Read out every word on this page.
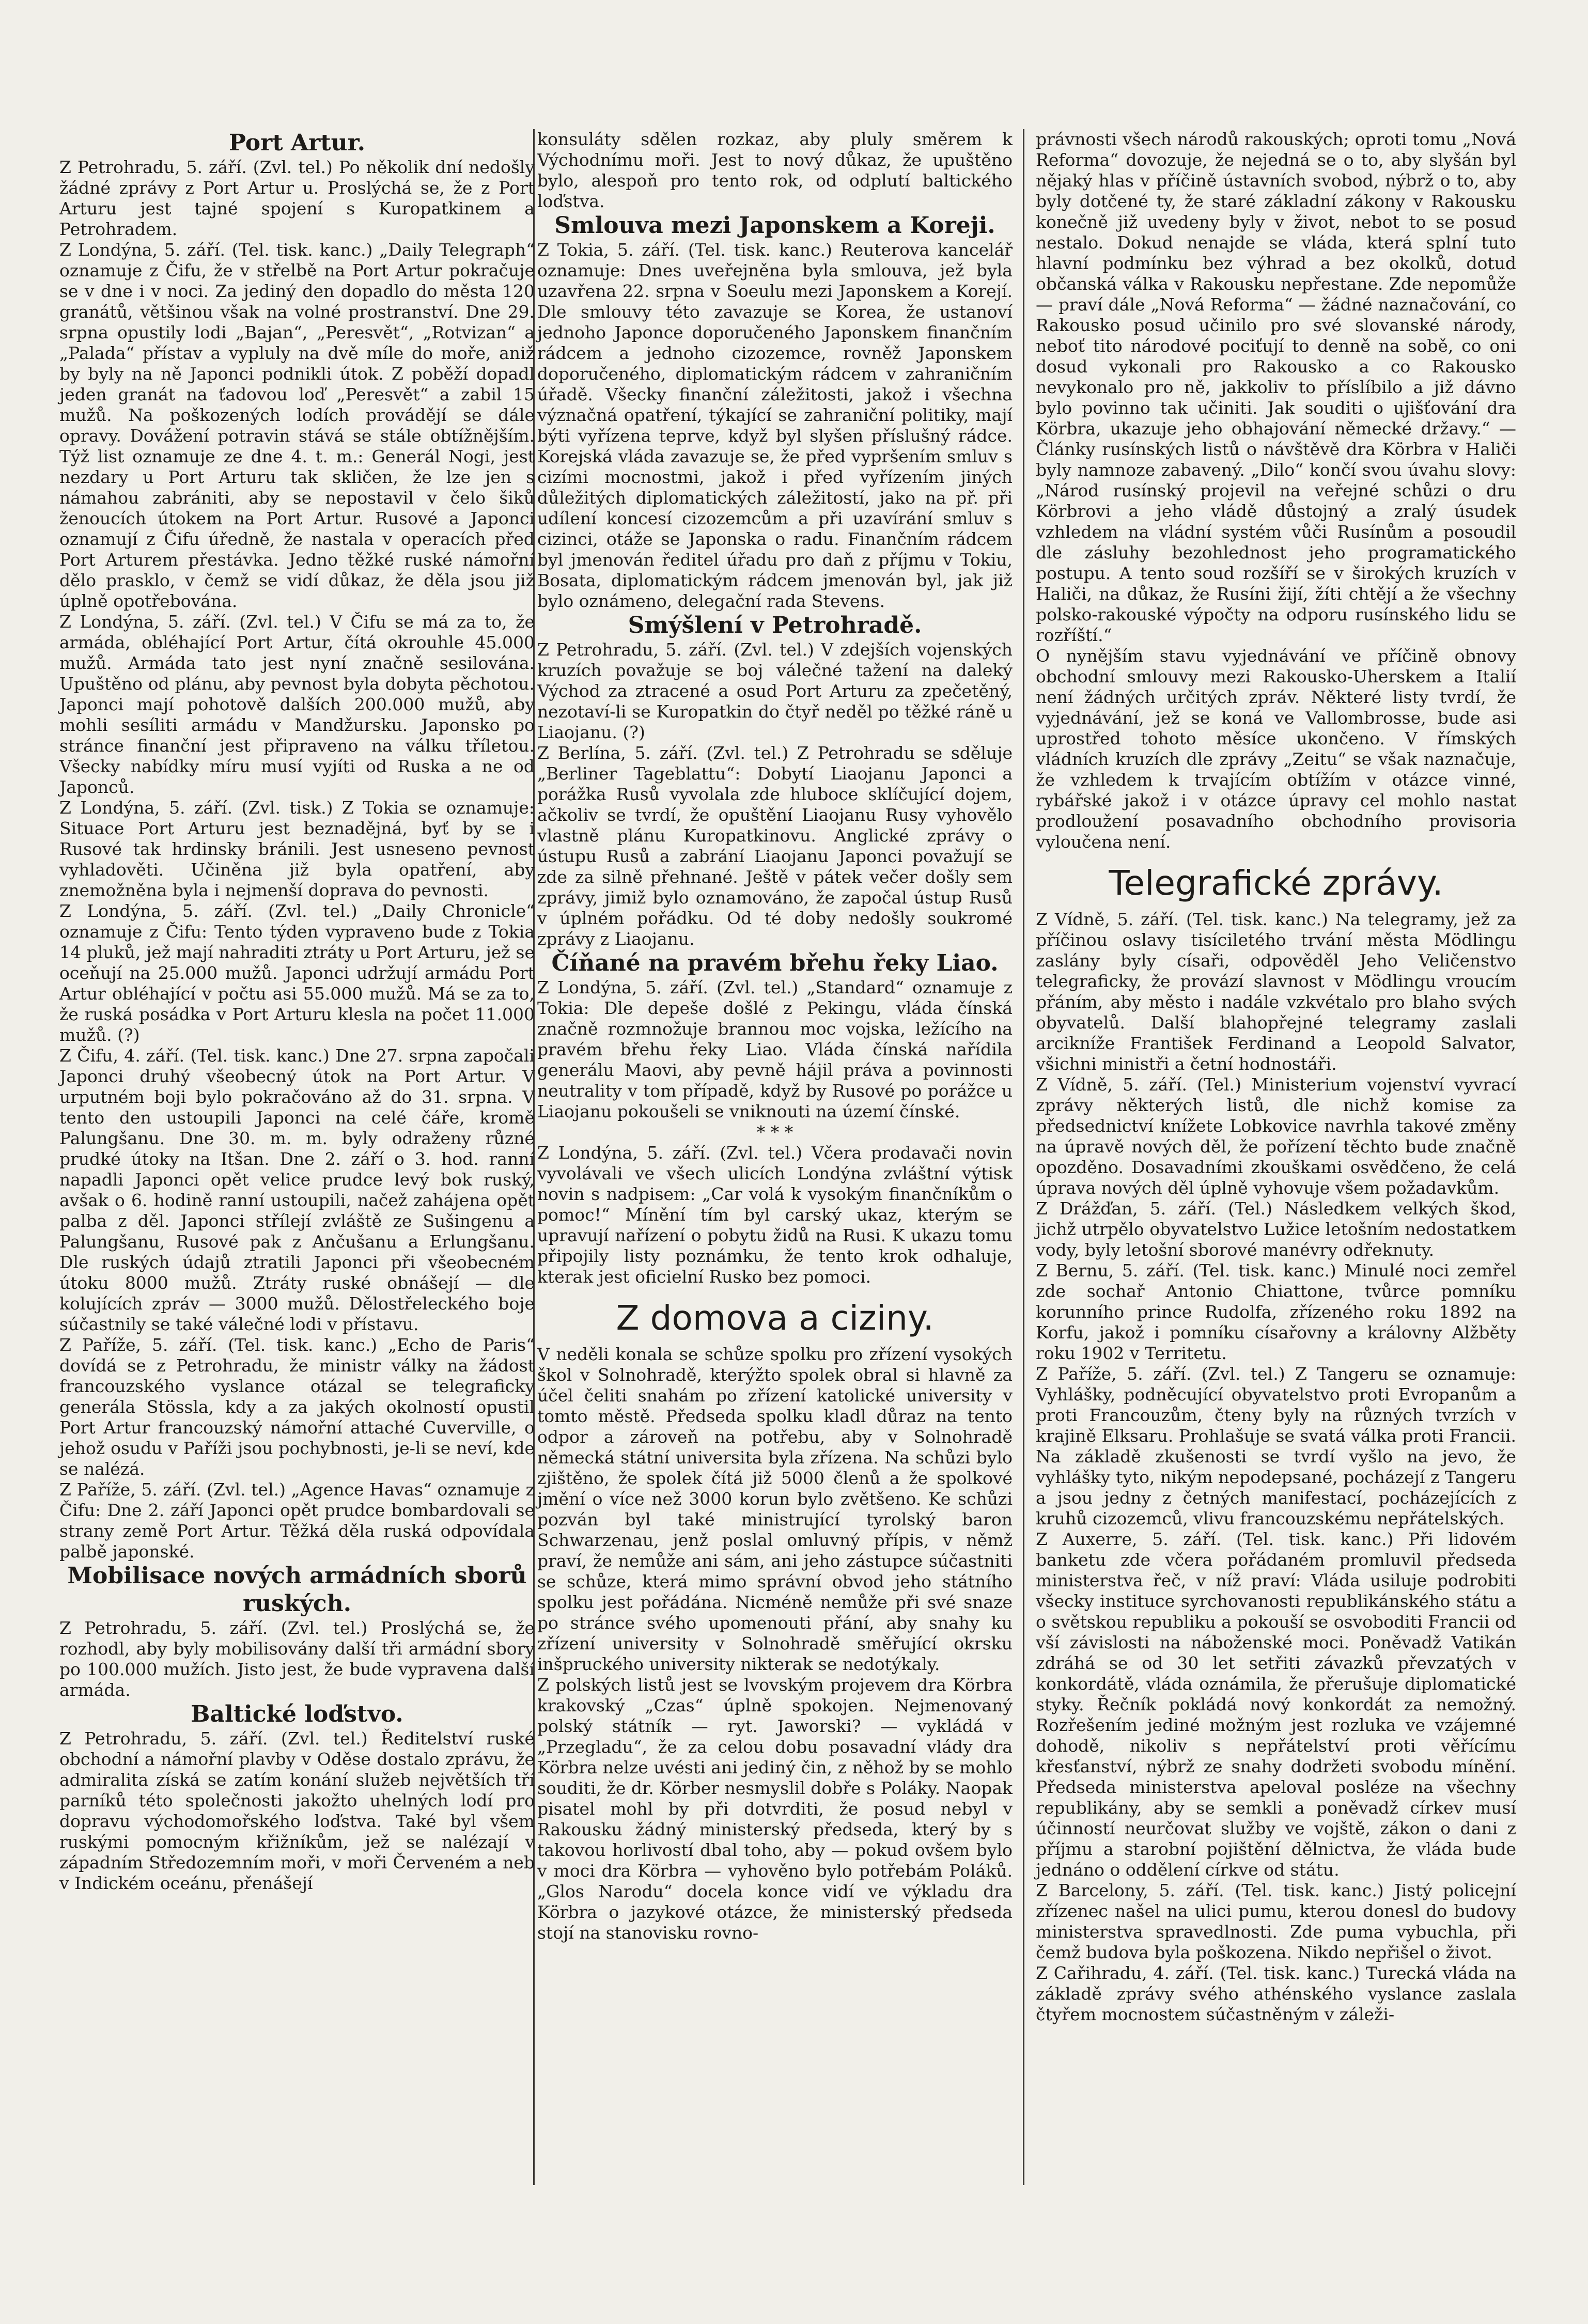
Port Artur.

Z Petrohradu, 5. září. (Zvl. tel.) Po několik dní nedošly žádné zprávy z Port Artur u. Proslýchá se, že z Port Arturu jest tajné spojení s Kuropatkinem a Petrohradem.

Z Londýna, 5. září. (Tel. tisk. kanc.) „Daily Telegraph“ oznamuje z Čifu, že v střelbě na Port Artur pokračuje se v dne i v noci. Za jediný den dopadlo do města 120 granátů, většinou však na volné prostranství. Dne 29. srpna opustily lodi „Bajan“, „Peresvět“, „Rotvizan“ a „Palada“ přístav a vypluly na dvě míle do moře, aniž by byly na ně Japonci podnikli útok. Z poběží dopadl jeden granát na ťadovou loď „Peresvět“ a zabil 15 mužů. Na poškozených lodích provádějí se dále opravy. Dovážení potravin stává se stále obtížnějším. Týž list oznamuje ze dne 4. t. m.: Generál Nogi, jest nezdary u Port Arturu tak skličen, že lze jen s námahou zabrániti, aby se nepostavil v čelo šiků ženoucích útokem na Port Artur. Rusové a Japonci oznamují z Čifu úředně, že nastala v operacích před Port Arturem přestávka. Jedno těžké ruské námořní dělo prasklo, v čemž se vidí důkaz, že děla jsou již úplně opotřebována.

Z Londýna, 5. září. (Zvl. tel.) V Čifu se má za to, že armáda, obléhající Port Artur, čítá okrouhle 45.000 mužů. Armáda tato jest nyní značně sesilována. Upuštěno od plánu, aby pevnost byla dobyta pěchotou. Japonci mají pohotově dalších 200.000 mužů, aby mohli sesíliti armádu v Mandžursku. Japonsko po stránce finanční jest připraveno na válku tříletou. Všecky nabídky míru musí vyjíti od Ruska a ne od Japonců.

Z Londýna, 5. září. (Zvl. tisk.) Z Tokia se oznamuje: Situace Port Arturu jest beznadějná, byť by se i Rusové tak hrdinsky bránili. Jest usneseno pevnost vyhladověti. Učiněna již byla opatření, aby znemožněna byla i nejmenší doprava do pevnosti.

Z Londýna, 5. září. (Zvl. tel.) „Daily Chronicle“ oznamuje z Čifu: Tento týden vypraveno bude z Tokia 14 pluků, jež mají nahraditi ztráty u Port Arturu, jež se oceňují na 25.000 mužů. Japonci udržují armádu Port Artur obléhající v počtu asi 55.000 mužů. Má se za to, že ruská posádka v Port Arturu klesla na počet 11.000 mužů. (?)

Z Čifu, 4. září. (Tel. tisk. kanc.) Dne 27. srpna započali Japonci druhý všeobecný útok na Port Artur. V urputném boji bylo pokračováno až do 31. srpna. V tento den ustoupili Japonci na celé čáře, kromě Palungšanu. Dne 30. m. m. byly odraženy různé prudké útoky na Itšan. Dne 2. září o 3. hod. ranní napadli Japonci opět velice prudce levý bok ruský, avšak o 6. hodině ranní ustoupili, načež zahájena opět palba z děl. Japonci střílejí zvláště ze Sušingenu a Palungšanu, Rusové pak z Ančušanu a Erlungšanu. Dle ruských údajů ztratili Japonci při všeobecném útoku 8000 mužů. Ztráty ruské obnášejí — dle kolujících zpráv — 3000 mužů. Dělostřeleckého boje súčastnily se také válečné lodi v přístavu.

Z Paříže, 5. září. (Tel. tisk. kanc.) „Echo de Paris“ dovídá se z Petrohradu, že ministr války na žádost francouzského vyslance otázal se telegraficky generála Stössla, kdy a za jakých okolností opustil Port Artur francouzský námořní attaché Cuverville, o jehož osudu v Paříži jsou pochybnosti, je-li se neví, kde se nalézá.

Z Paříže, 5. září. (Zvl. tel.) „Agence Havas“ oznamuje z Čifu: Dne 2. září Japonci opět prudce bombardovali se strany země Port Artur. Těžká děla ruská odpovídala palbě japonské.

Mobilisace nových armádních sborů ruských.

Z Petrohradu, 5. září. (Zvl. tel.) Proslýchá se, že rozhodl, aby byly mobilisovány další tři armádní sbory po 100.000 mužích. Jisto jest, že bude vypravena další armáda.

Baltické loďstvo.

Z Petrohradu, 5. září. (Zvl. tel.) Ředitelství ruské obchodní a námořní plavby v Oděse dostalo zprávu, že admiralita získá se zatím konání služeb největších tří parníků této společnosti jakožto uhelných lodí pro dopravu východomořského loďstva. Také byl všem ruskými pomocným křižníkům, jež se nalézají v západním Středozemním moři, v moři Červeném a neb v Indickém oceánu, přenášejí

konsuláty sdělen rozkaz, aby pluly směrem k Východnímu moři. Jest to nový důkaz, že upuštěno bylo, alespoň pro tento rok, od odplutí baltického loďstva.

Smlouva mezi Japonskem a Koreji.

Z Tokia, 5. září. (Tel. tisk. kanc.) Reuterova kancelář oznamuje: Dnes uveřejněna byla smlouva, jež byla uzavřena 22. srpna v Soeulu mezi Japonskem a Korejí. Dle smlouvy této zavazuje se Korea, že ustanoví jednoho Japonce doporučeného Japonskem finančním rádcem a jednoho cizozemce, rovněž Japonskem doporučeného, diplomatickým rádcem v zahraničním úřadě. Všecky finanční záležitosti, jakož i všechna význačná opatření, týkající se zahraniční politiky, mají býti vyřízena teprve, když byl slyšen příslušný rádce. Korejská vláda zavazuje se, že před vypršením smluv s cizími mocnostmi, jakož i před vyřízením jiných důležitých diplomatických záležitostí, jako na př. při udílení koncesí cizozemcům a při uzavírání smluv s cizinci, otáže se Japonska o radu. Finančním rádcem byl jmenován ředitel úřadu pro daň z příjmu v Tokiu, Bosata, diplomatickým rádcem jmenován byl, jak již bylo oznámeno, delegační rada Stevens.

Smýšlení v Petrohradě.

Z Petrohradu, 5. září. (Zvl. tel.) V zdejších vojenských kruzích považuje se boj válečné tažení na daleký Východ za ztracené a osud Port Arturu za zpečetěný, nezotaví-li se Kuropatkin do čtyř neděl po těžké ráně u Liaojanu. (?)

Z Berlína, 5. září. (Zvl. tel.) Z Petrohradu se sděluje „Berliner Tageblattu“: Dobytí Liaojanu Japonci a porážka Rusů vyvolala zde hluboce sklíčující dojem, ačkoliv se tvrdí, že opuštění Liaojanu Rusy vyhovělo vlastně plánu Kuropatkinovu. Anglické zprávy o ústupu Rusů a zabrání Liaojanu Japonci považují se zde za silně přehnané. Ještě v pátek večer došly sem zprávy, jimiž bylo oznamováno, že započal ústup Rusů v úplném pořádku. Od té doby nedošly soukromé zprávy z Liaojanu.

Číňané na pravém břehu řeky Liao.

Z Londýna, 5. září. (Zvl. tel.) „Standard“ oznamuje z Tokia: Dle depeše došlé z Pekingu, vláda čínská značně rozmnožuje brannou moc vojska, ležícího na pravém břehu řeky Liao. Vláda čínská nařídila generálu Maovi, aby pevně hájil práva a povinnosti neutrality v tom případě, když by Rusové po porážce u Liaojanu pokoušeli se vniknouti na území čínské.

* * *

Z Londýna, 5. září. (Zvl. tel.) Včera prodavači novin vyvolávali ve všech ulicích Londýna zvláštní výtisk novin s nadpisem: „Car volá k vysokým finančníkům o pomoc!“ Mínění tím byl carský ukaz, kterým se upravují nařízení o pobytu židů na Rusi. K ukazu tomu připojily listy poznámku, že tento krok odhaluje, kterak jest oficielní Rusko bez pomoci.

Z domova a ciziny.

V neděli konala se schůze spolku pro zřízení vysokých škol v Solnohradě, kterýžto spolek obral si hlavně za účel čeliti snahám po zřízení katolické university v tomto městě. Předseda spolku kladl důraz na tento odpor a zároveň na potřebu, aby v Solnohradě německá státní universita byla zřízena. Na schůzi bylo zjištěno, že spolek čítá již 5000 členů a že spolkové jmění o více než 3000 korun bylo zvětšeno. Ke schůzi pozván byl také ministrující tyrolský baron Schwarzenau, jenž poslal omluvný přípis, v němž praví, že nemůže ani sám, ani jeho zástupce súčastniti se schůze, která mimo správní obvod jeho státního spolku jest pořádána. Nicméně nemůže při své snaze po stránce svého upomenouti přání, aby snahy ku zřízení university v Solnohradě směřující okrsku inšpruckého university nikterak se nedotýkaly.

Z polských listů jest se lvovským projevem dra Körbra krakovský „Czas“ úplně spokojen. Nejmenovaný polský státník — ryt. Jaworski? — vykládá v „Przegladu“, že za celou dobu posavadní vlády dra Körbra nelze uvésti ani jediný čin, z něhož by se mohlo souditi, že dr. Körber nesmyslil dobře s Poláky. Naopak pisatel mohl by při dotvrditi, že posud nebyl v Rakousku žádný ministerský předseda, který by s takovou horlivostí dbal toho, aby — pokud ovšem bylo v moci dra Körbra — vyhověno bylo potřebám Poláků. „Glos Narodu“ docela konce vidí ve výkladu dra Körbra o jazykové otázce, že ministerský předseda stojí na stanovisku rovno-

právnosti všech národů rakouských; oproti tomu „Nová Reforma“ dovozuje, že nejedná se o to, aby slyšán byl nějaký hlas v příčině ústavních svobod, nýbrž o to, aby byly dotčené ty, že staré základní zákony v Rakousku konečně již uvedeny byly v život, nebot to se posud nestalo. Dokud nenajde se vláda, která splní tuto hlavní podmínku bez výhrad a bez okolků, dotud občanská válka v Rakousku nepřestane. Zde nepomůže — praví dále „Nová Reforma“ — žádné naznačování, co Rakousko posud učinilo pro své slovanské národy, neboť tito národové pociťují to denně na sobě, co oni dosud vykonali pro Rakousko a co Rakousko nevykonalo pro ně, jakkoliv to příslíbilo a již dávno bylo povinno tak učiniti. Jak souditi o ujišťování dra Körbra, ukazuje jeho obhajování německé državy.“ — Články rusínských listů o návštěvě dra Körbra v Haliči byly namnoze zabavený. „Dilo“ končí svou úvahu slovy: „Národ rusínský projevil na veřejné schůzi o dru Körbrovi a jeho vládě důstojný a zralý úsudek vzhledem na vládní systém vůči Rusínům a posoudil dle zásluhy bezohlednost jeho programatického postupu. A tento soud rozšíří se v širokých kruzích v Haliči, na důkaz, že Rusíni žijí, žíti chtějí a že všechny polsko-rakouské výpočty na odporu rusínského lidu se rozříští.“

O nynějším stavu vyjednávání ve příčině obnovy obchodní smlouvy mezi Rakousko-Uherskem a Italií není žádných určitých zpráv. Některé listy tvrdí, že vyjednávání, jež se koná ve Vallombrosse, bude asi uprostřed tohoto měsíce ukončeno. V římských vládních kruzích dle zprávy „Zeitu“ se však naznačuje, že vzhledem k trvajícím obtížím v otázce vinné, rybářské jakož i v otázce úpravy cel mohlo nastat prodloužení posavadního obchodního provisoria vyloučena není.

Telegrafické zprávy.

Z Vídně, 5. září. (Tel. tisk. kanc.) Na telegramy, jež za příčinou oslavy tisíciletého trvání města Mödlingu zaslány byly císaři, odpověděl Jeho Veličenstvo telegraficky, že provází slavnost v Mödlingu vroucím přáním, aby město i nadále vzkvétalo pro blaho svých obyvatelů. Další blahopřejné telegramy zaslali arcikníže František Ferdinand a Leopold Salvator, všichni ministři a četní hodnostáři.

Z Vídně, 5. září. (Tel.) Ministerium vojenství vyvrací zprávy některých listů, dle nichž komise za předsednictví knížete Lobkovice navrhla takové změny na úpravě nových děl, že pořízení těchto bude značně opozděno. Dosavadními zkouškami osvědčeno, že celá úprava nových děl úplně vyhovuje všem požadavkům.

Z Drážďan, 5. září. (Tel.) Následkem velkých škod, jichž utrpělo obyvatelstvo Lužice letošním nedostatkem vody, byly letošní sborové manévry odřeknuty.

Z Bernu, 5. září. (Tel. tisk. kanc.) Minulé noci zemřel zde sochař Antonio Chiattone, tvůrce pomníku korunního prince Rudolfa, zřízeného roku 1892 na Korfu, jakož i pomníku císařovny a královny Alžběty roku 1902 v Territetu.

Z Paříže, 5. září. (Zvl. tel.) Z Tangeru se oznamuje: Vyhlášky, podněcující obyvatelstvo proti Evropanům a proti Francouzům, čteny byly na různých tvrzích v krajině Elksaru. Prohlašuje se svatá válka proti Francii. Na základě zkušenosti se tvrdí vyšlo na jevo, že vyhlášky tyto, nikým nepodepsané, pocházejí z Tangeru a jsou jedny z četných manifestací, pocházejících z kruhů cizozemců, vlivu francouzskému nepřátelských.

Z Auxerre, 5. září. (Tel. tisk. kanc.) Při lidovém banketu zde včera pořádaném promluvil předseda ministerstva řeč, v níž praví: Vláda usiluje podrobiti všecky instituce syrchovanosti republikánského státu a o světskou republiku a pokouší se osvoboditi Francii od vší závislosti na náboženské moci. Poněvadž Vatikán zdráhá se od 30 let setřiti závazků převzatých v konkordátě, vláda oznámila, že přerušuje diplomatické styky. Řečník pokládá nový konkordát za nemožný. Rozřešením jediné možným jest rozluka ve vzájemné dohodě, nikoliv s nepřátelství proti věřícímu křesťanství, nýbrž ze snahy dodržeti svobodu mínění. Předseda ministerstva apeloval posléze na všechny republikány, aby se semkli a poněvadž církev musí účinností neurčovat služby ve vojště, zákon o dani z příjmu a starobní pojištění dělnictva, že vláda bude jednáno o oddělení církve od státu.

Z Barcelony, 5. září. (Tel. tisk. kanc.) Jistý policejní zřízenec našel na ulici pumu, kterou donesl do budovy ministerstva spravedlnosti. Zde puma vybuchla, při čemž budova byla poškozena. Nikdo nepřišel o život.

Z Cařihradu, 4. září. (Tel. tisk. kanc.) Turecká vláda na základě zprávy svého athénského vyslance zaslala čtyřem mocnostem súčastněným v záleži-
